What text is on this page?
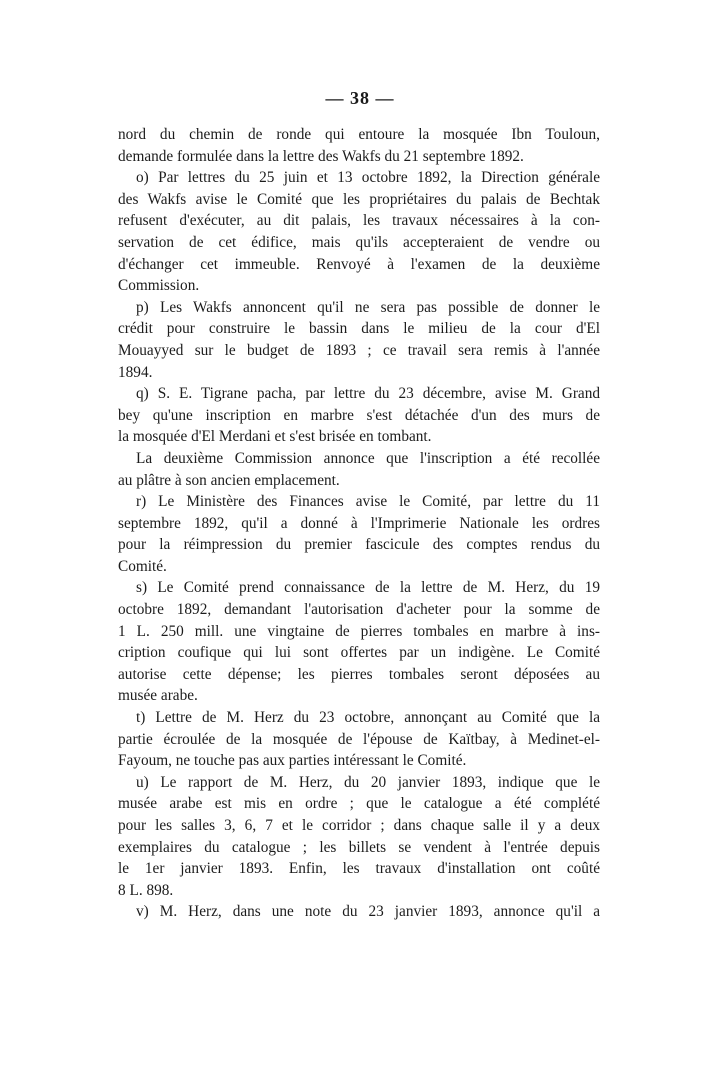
— 38 —
nord du chemin de ronde qui entoure la mosquée Ibn Touloun,
demande formulée dans la lettre des Wakfs du 21 septembre 1892.
o) Par lettres du 25 juin et 13 octobre 1892, la Direction générale
des Wakfs avise le Comité que les propriétaires du palais de Bechtak
refusent d'exécuter, au dit palais, les travaux nécessaires à la con-
servation de cet édifice, mais qu'ils accepteraient de vendre ou
d'échanger cet immeuble. Renvoyé à l'examen de la deuxième
Commission.
p) Les Wakfs annoncent qu'il ne sera pas possible de donner le
crédit pour construire le bassin dans le milieu de la cour d'El
Mouayyed sur le budget de 1893 ; ce travail sera remis à l'année
1894.
q) S. E. Tigrane pacha, par lettre du 23 décembre, avise M. Grand
bey qu'une inscription en marbre s'est détachée d'un des murs de
la mosquée d'El Merdani et s'est brisée en tombant.
La deuxième Commission annonce que l'inscription a été recollée
au plâtre à son ancien emplacement.
r) Le Ministère des Finances avise le Comité, par lettre du 11
septembre 1892, qu'il a donné à l'Imprimerie Nationale les ordres
pour la réimpression du premier fascicule des comptes rendus du
Comité.
s) Le Comité prend connaissance de la lettre de M. Herz, du 19
octobre 1892, demandant l'autorisation d'acheter pour la somme de
1 L. 250 mill. une vingtaine de pierres tombales en marbre à ins-
cription coufique qui lui sont offertes par un indigène. Le Comité
autorise cette dépense; les pierres tombales seront déposées au
musée arabe.
t) Lettre de M. Herz du 23 octobre, annonçant au Comité que la
partie écroulée de la mosquée de l'épouse de Kaïtbay, à Medinet-el-
Fayoum, ne touche pas aux parties intéressant le Comité.
u) Le rapport de M. Herz, du 20 janvier 1893, indique que le
musée arabe est mis en ordre ; que le catalogue a été complété
pour les salles 3, 6, 7 et le corridor ; dans chaque salle il y a deux
exemplaires du catalogue ; les billets se vendent à l'entrée depuis
le 1er janvier 1893. Enfin, les travaux d'installation ont coûté
8 L. 898.
v) M. Herz, dans une note du 23 janvier 1893, annonce qu'il a
